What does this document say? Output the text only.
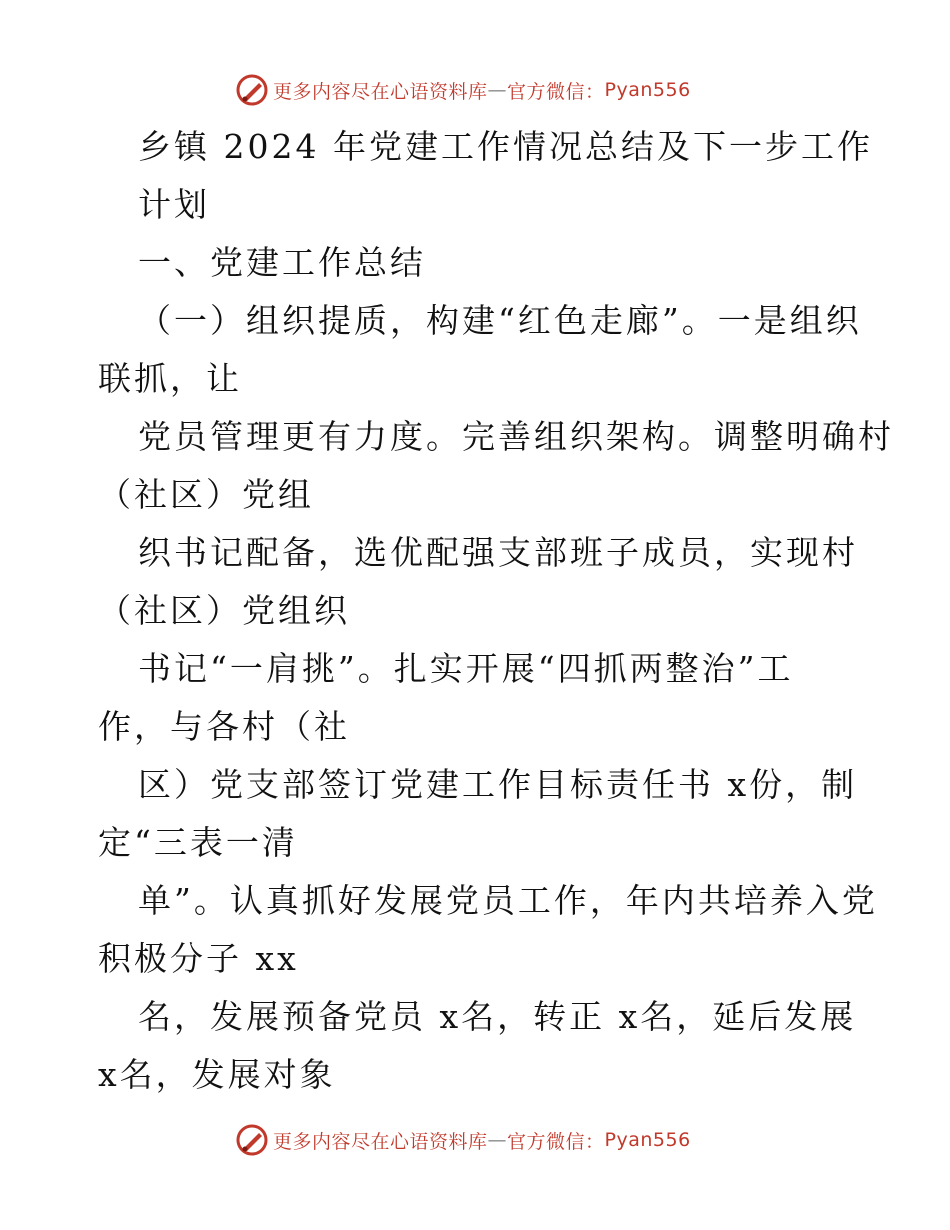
更多内容尽在心语资料库 — 官方微信： Pyan556
乡镇 2024 年党建工作情况总结及下一步工作
计划
一、党建工作总结
（一）组织提质，构建“红色走廊”。一是组织
联抓，让
党员管理更有力度。完善组织架构。调整明确村
（社区）党组
织书记配备，选优配强支部班子成员，实现村
（社区）党组织
书记“一肩挑”。扎实开展“四抓两整治”工
作，与各村（社
区）党支部签订党建工作目标责任书 x份，制
定“三表一清
单”。认真抓好发展党员工作，年内共培养入党
积极分子 xx
名，发展预备党员 x名，转正 x名，延后发展
x名，发展对象
更多内容尽在心语资料库 — 官方微信： Pyan556
